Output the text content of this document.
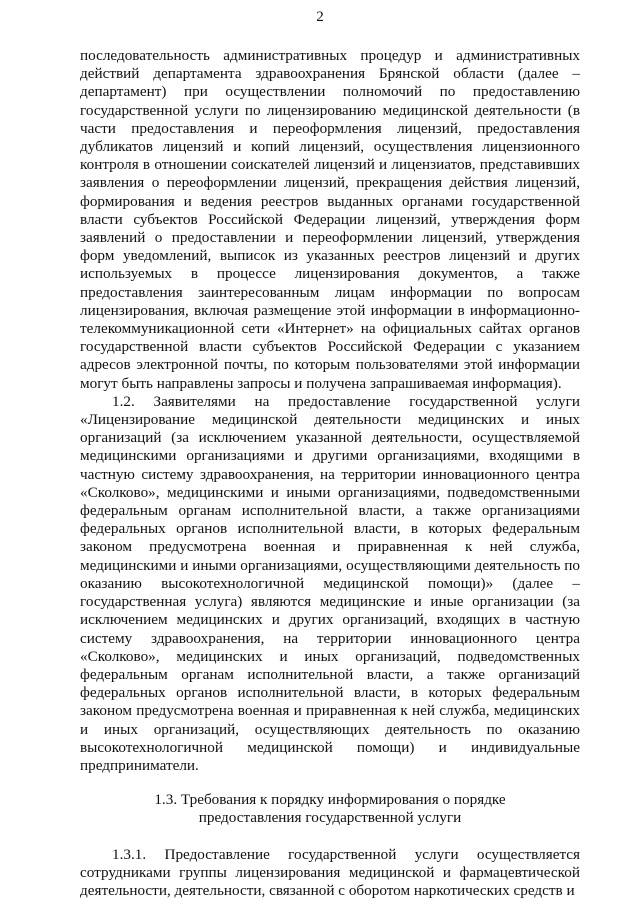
2

последовательность административных процедур и административных действий департамента здравоохранения Брянской области (далее – департамент) при осуществлении полномочий по предоставлению государственной услуги по лицензированию медицинской деятельности (в части предоставления и переоформления лицензий, предоставления дубликатов лицензий и копий лицензий, осуществления лицензионного контроля в отношении соискателей лицензий и лицензиатов, представивших заявления о переоформлении лицензий, прекращения действия лицензий, формирования и ведения реестров выданных органами государственной власти субъектов Российской Федерации лицензий, утверждения форм заявлений о предоставлении и переоформлении лицензий, утверждения форм уведомлений, выписок из указанных реестров лицензий и других используемых в процессе лицензирования документов, а также предоставления заинтересованным лицам информации по вопросам лицензирования, включая размещение этой информации в информационно-телекоммуникационной сети «Интернет» на официальных сайтах органов государственной власти субъектов Российской Федерации с указанием адресов электронной почты, по которым пользователями этой информации могут быть направлены запросы и получена запрашиваемая информация).

1.2. Заявителями на предоставление государственной услуги «Лицензирование медицинской деятельности медицинских и иных организаций (за исключением указанной деятельности, осуществляемой медицинскими организациями и другими организациями, входящими в частную систему здравоохранения, на территории инновационного центра «Сколково», медицинскими и иными организациями, подведомственными федеральным органам исполнительной власти, а также организациями федеральных органов исполнительной власти, в которых федеральным законом предусмотрена военная и приравненная к ней служба, медицинскими и иными организациями, осуществляющими деятельность по оказанию высокотехнологичной медицинской помощи)» (далее – государственная услуга) являются медицинские и иные организации (за исключением медицинских и других организаций, входящих в частную систему здравоохранения, на территории инновационного центра «Сколково», медицинских и иных организаций, подведомственных федеральным органам исполнительной власти, а также организаций федеральных органов исполнительной власти, в которых федеральным законом предусмотрена военная и приравненная к ней служба, медицинских и иных организаций, осуществляющих деятельность по оказанию высокотехнологичной медицинской помощи) и индивидуальные предприниматели.

1.3. Требования к порядку информирования о порядке
предоставления государственной услуги

1.3.1. Предоставление государственной услуги осуществляется сотрудниками группы лицензирования медицинской и фармацевтической деятельности, деятельности, связанной с оборотом наркотических средств и
